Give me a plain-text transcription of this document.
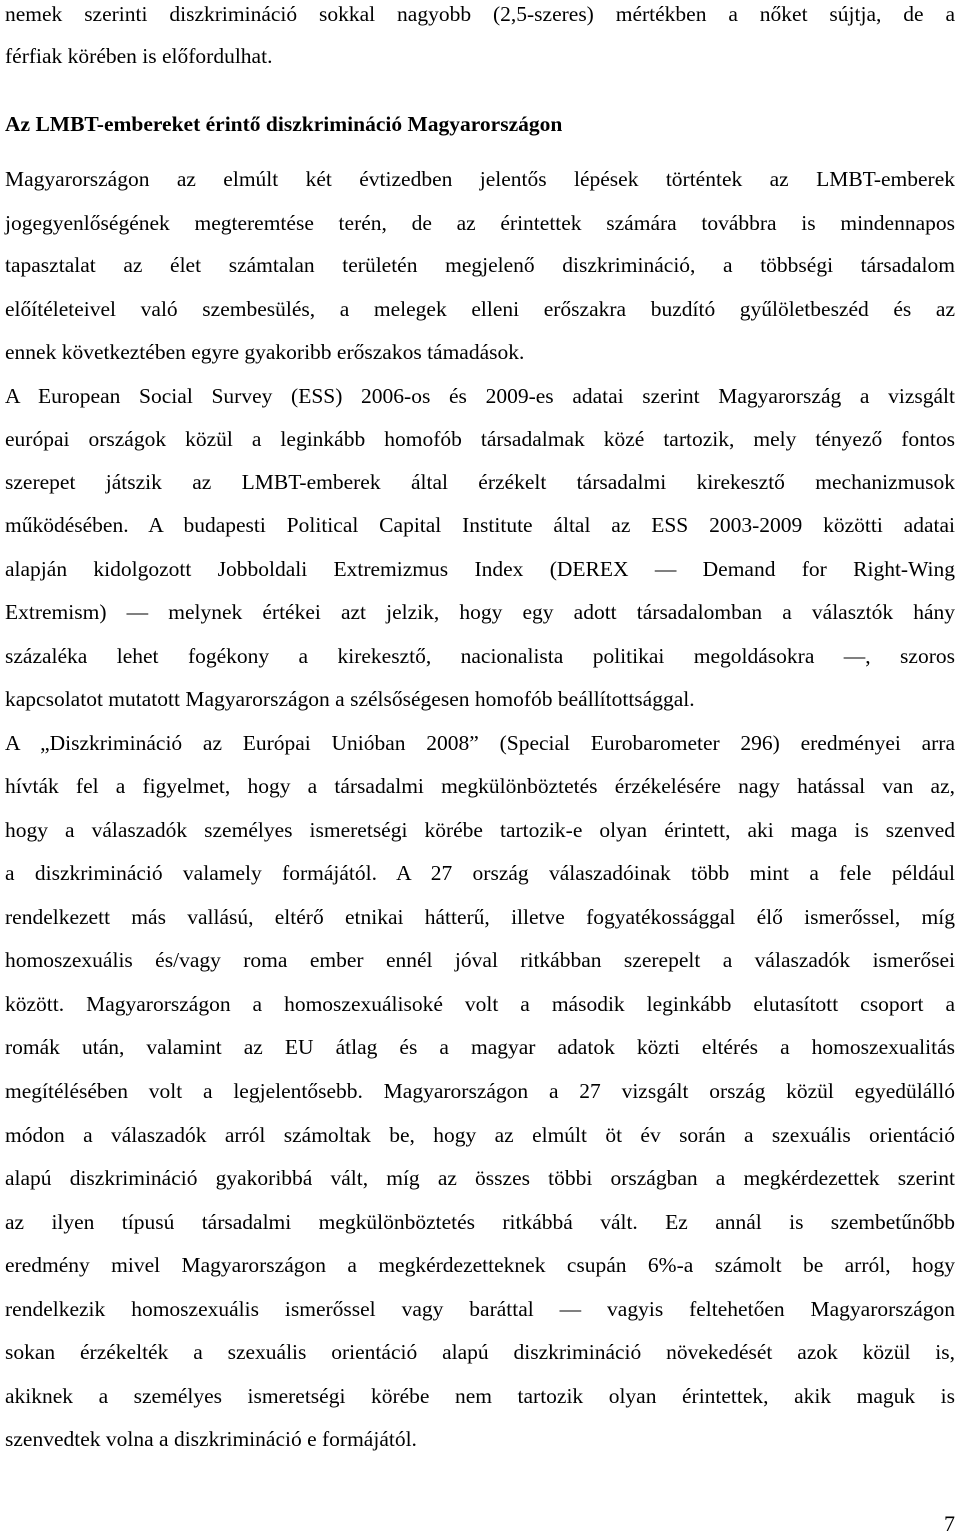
nemek szerinti diszkrimináció sokkal nagyobb (2,5-szeres) mértékben a nőket sújtja, de a
férfiak körében is előfordulhat.
Az LMBT-embereket érintő diszkrimináció Magyarországon
Magyarországon az elmúlt két évtizedben jelentős lépések történtek az LMBT-emberek
jogegyenlőségének megteremtése terén, de az érintettek számára továbbra is mindennapos
tapasztalat az élet számtalan területén megjelenő diszkrimináció, a többségi társadalom
előítéleteivel való szembesülés, a melegek elleni erőszakra buzdító gyűlöletbeszéd és az
ennek következtében egyre gyakoribb erőszakos támadások.
A European Social Survey (ESS) 2006-os és 2009-es adatai szerint Magyarország a vizsgált
európai országok közül a leginkább homofób társadalmak közé tartozik, mely tényező fontos
szerepet játszik az LMBT-emberek által érzékelt társadalmi kirekesztő mechanizmusok
működésében. A budapesti Political Capital Institute által az ESS 2003-2009 közötti adatai
alapján kidolgozott Jobboldali Extremizmus Index (DEREX — Demand for Right-Wing
Extremism) — melynek értékei azt jelzik, hogy egy adott társadalomban a választók hány
százaléka lehet fogékony a kirekesztő, nacionalista politikai megoldásokra —, szoros
kapcsolatot mutatott Magyarországon a szélsőségesen homofób beállítottsággal.
A „Diszkrimináció az Európai Unióban 2008” (Special Eurobarometer 296) eredményei arra
hívták fel a figyelmet, hogy a társadalmi megkülönböztetés érzékelésére nagy hatással van az,
hogy a válaszadók személyes ismeretségi körébe tartozik-e olyan érintett, aki maga is szenved
a diszkrimináció valamely formájától. A 27 ország válaszadóinak több mint a fele például
rendelkezett más vallású, eltérő etnikai hátterű, illetve fogyatékossággal élő ismerőssel, míg
homoszexuális és/vagy roma ember ennél jóval ritkábban szerepelt a válaszadók ismerősei
között. Magyarországon a homoszexuálisoké volt a második leginkább elutasított csoport a
romák után, valamint az EU átlag és a magyar adatok közti eltérés a homoszexualitás
megítélésében volt a legjelentősebb. Magyarországon a 27 vizsgált ország közül egyedülálló
módon a válaszadók arról számoltak be, hogy az elmúlt öt év során a szexuális orientáció
alapú diszkrimináció gyakoribbá vált, míg az összes többi országban a megkérdezettek szerint
az ilyen típusú társadalmi megkülönböztetés ritkábbá vált. Ez annál is szembetűnőbb
eredmény mivel Magyarországon a megkérdezetteknek csupán 6%-a számolt be arról, hogy
rendelkezik homoszexuális ismerőssel vagy baráttal — vagyis feltehetően Magyarországon
sokan érzékelték a szexuális orientáció alapú diszkrimináció növekedését azok közül is,
akiknek a személyes ismeretségi körébe nem tartozik olyan érintettek, akik maguk is
szenvedtek volna a diszkrimináció e formájától.
7
